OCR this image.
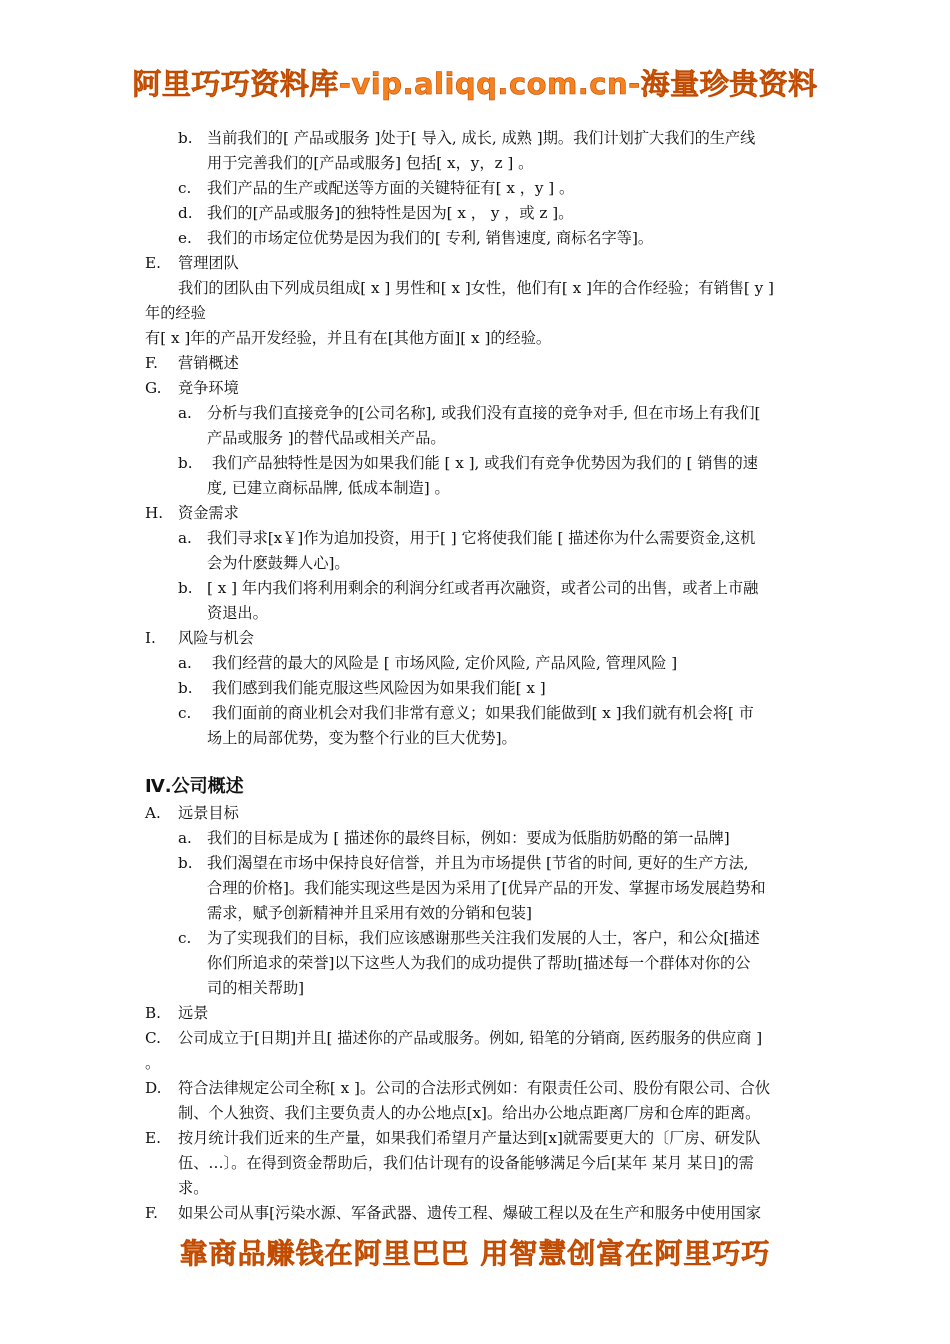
阿里巧巧资料库-vip.aliqq.com.cn-海量珍贵资料
b. 当前我们的[ 产品或服务 ]处于[ 导入, 成长, 成熟 ]期。我们计划扩大我们的生产线
用于完善我们的[产品或服务] 包括[ x，y，z ] 。
c. 我们产品的生产或配送等方面的关键特征有[ x ，y ] 。
d. 我们的[产品或服务]的独特性是因为[ x ， y ，或 z ]。
e. 我们的市场定位优势是因为我们的[ 专利, 销售速度, 商标名字等]。
E. 管理团队
我们的团队由下列成员组成[ x ] 男性和[ x ]女性，他们有[ x ]年的合作经验；有销售[ y ]
年的经验
有[ x ]年的产品开发经验，并且有在[其他方面][ x ]的经验。
F. 营销概述
G. 竞争环境
a. 分析与我们直接竞争的[公司名称], 或我们没有直接的竞争对手, 但在市场上有我们[
产品或服务 ]的替代品或相关产品。
b. 我们产品独特性是因为如果我们能 [ x ], 或我们有竞争优势因为我们的 [ 销售的速
度, 已建立商标品牌, 低成本制造] 。
H. 资金需求
a. 我们寻求[x￥]作为追加投资，用于[ ] 它将使我们能 [ 描述你为什么需要资金,这机
会为什麽鼓舞人心]。
b. [ x ] 年内我们将利用剩余的利润分红或者再次融资，或者公司的出售，或者上市融
资退出。
I. 风险与机会
a. 我们经营的最大的风险是 [ 市场风险, 定价风险, 产品风险, 管理风险 ]
b. 我们感到我们能克服这些风险因为如果我们能[ x ]
c. 我们面前的商业机会对我们非常有意义；如果我们能做到[ x ]我们就有机会将[ 市
场上的局部优势，变为整个行业的巨大优势]。
Ⅳ.公司概述
A. 远景目标
a. 我们的目标是成为 [ 描述你的最终目标，例如：要成为低脂肪奶酪的第一品牌]
b. 我们渴望在市场中保持良好信誉，并且为市场提供 [节省的时间, 更好的生产方法,
合理的价格]。我们能实现这些是因为采用了[优异产品的开发、掌握市场发展趋势和
需求，赋予创新精神并且采用有效的分销和包装]
c. 为了实现我们的目标，我们应该感谢那些关注我们发展的人士，客户，和公众[描述
你们所追求的荣誉]以下这些人为我们的成功提供了帮助[描述每一个群体对你的公
司的相关帮助]
B. 远景
C. 公司成立于[日期]并且[ 描述你的产品或服务。例如, 铅笔的分销商, 医药服务的供应商 ]
。
D. 符合法律规定公司全称[ x ]。公司的合法形式例如：有限责任公司、股份有限公司、合伙
制、个人独资、我们主要负责人的办公地点[x]。给出办公地点距离厂房和仓库的距离。
E. 按月统计我们近来的生产量，如果我们希望月产量达到[x]就需要更大的〔厂房、研发队
伍、…〕。在得到资金帮助后，我们估计现有的设备能够满足今后[某年 某月 某日]的需
求。
F. 如果公司从事[污染水源、军备武器、遗传工程、爆破工程以及在生产和服务中使用国家
靠商品赚钱在阿里巴巴 用智慧创富在阿里巧巧
